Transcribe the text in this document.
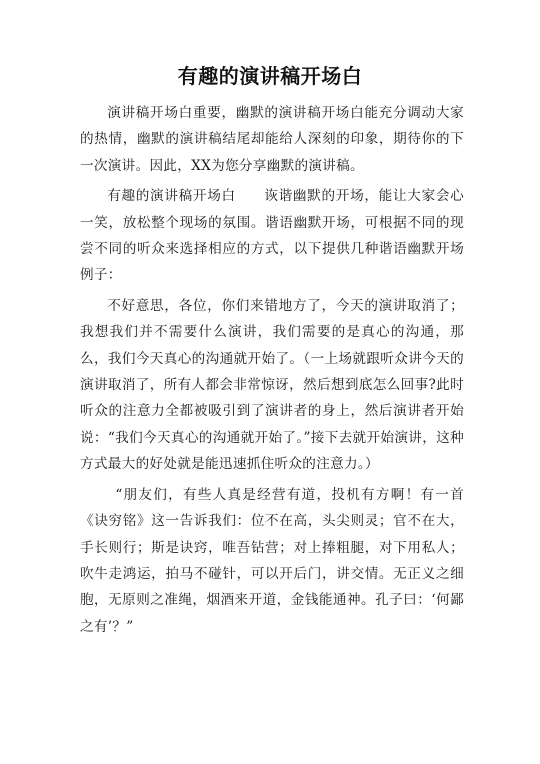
有趣的演讲稿开场白

演讲稿开场白重要，幽默的演讲稿开场白能充分调动大家的热情，幽默的演讲稿结尾却能给人深刻的印象，期待你的下一次演讲。因此，XX为您分享幽默的演讲稿。

有趣的演讲稿开场白　　诙谐幽默的开场，能让大家会心一笑，放松整个现场的氛围。谐语幽默开场，可根据不同的现尝不同的听众来选择相应的方式，以下提供几种谐语幽默开场例子：

不好意思，各位，你们来错地方了，今天的演讲取消了；我想我们并不需要什么演讲，我们需要的是真心的沟通，那么，我们今天真心的沟通就开始了。（一上场就跟听众讲今天的演讲取消了，所有人都会非常惊讶，然后想到底怎么回事?此时听众的注意力全都被吸引到了演讲者的身上，然后演讲者开始说：“我们今天真心的沟通就开始了。”接下去就开始演讲，这种方式最大的好处就是能迅速抓住听众的注意力。）

“朋友们，有些人真是经营有道，投机有方啊！有一首《诀穷铭》这一告诉我们：位不在高，头尖则灵；官不在大，手长则行；斯是诀窍，唯吾钻营；对上捧粗腿，对下用私人；吹牛走鸿运，拍马不碰针，可以开后门，讲交情。无正义之细胞，无原则之准绳，烟酒来开道，金钱能通神。孔子曰：‘何鄙之有’？”
